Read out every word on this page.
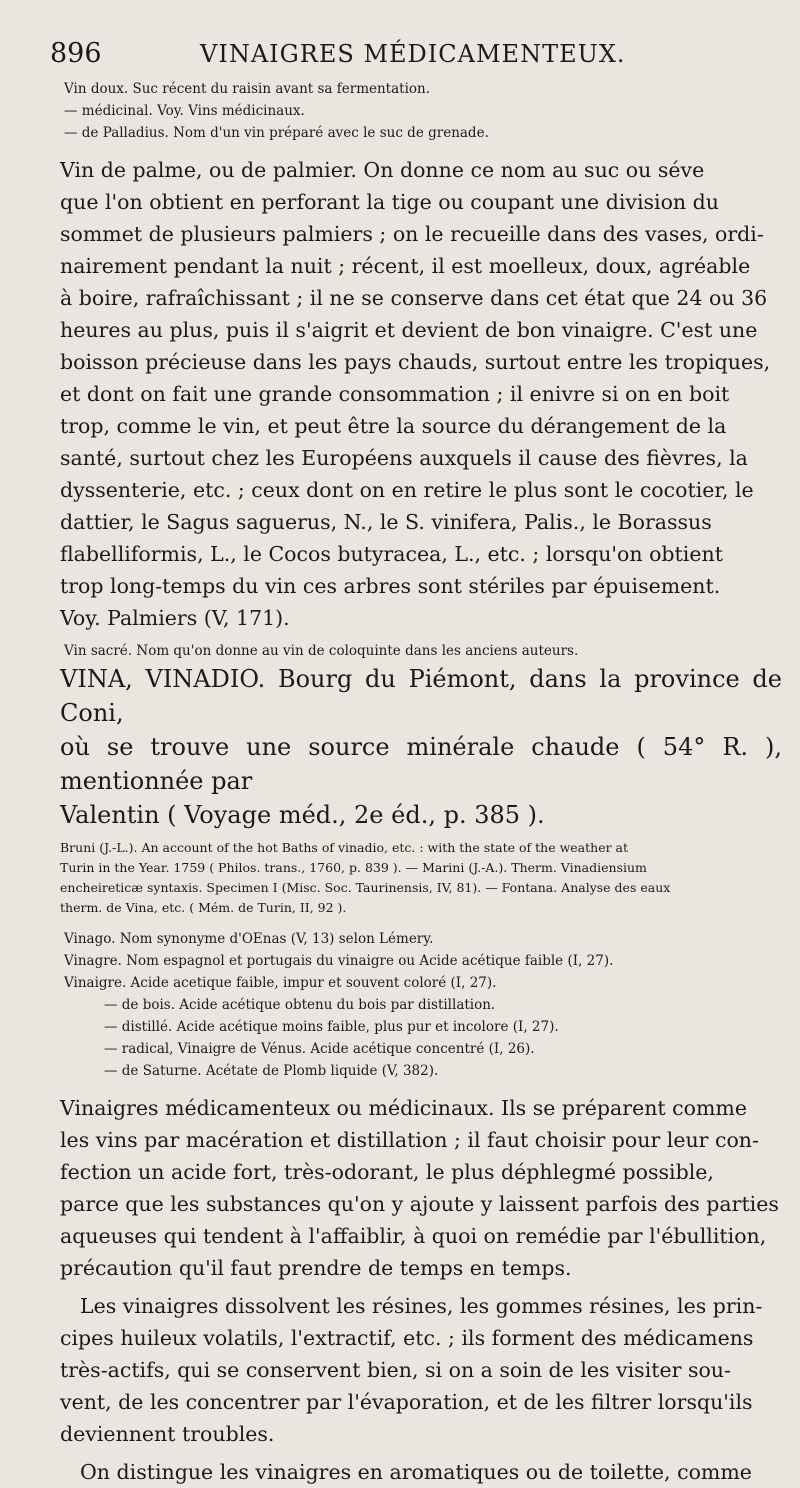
896	VINAIGRES MÉDICAMENTEUX.
Vin doux. Suc récent du raisin avant sa fermentation.
— médicinal. Voy. Vins médicinaux.
— de Palladius. Nom d'un vin préparé avec le suc de grenade.
Vin de palme, ou de palmier. On donne ce nom au suc ou séve
que l'on obtient en perforant la tige ou coupant une division du
sommet de plusieurs palmiers ; on le recueille dans des vases, ordi-
nairement pendant la nuit ; récent, il est moelleux, doux, agréable
à boire, rafraîchissant ; il ne se conserve dans cet état que 24 ou 36
heures au plus, puis il s'aigrit et devient de bon vinaigre. C'est une
boisson précieuse dans les pays chauds, surtout entre les tropiques,
et dont on fait une grande consommation ; il enivre si on en boit
trop, comme le vin, et peut être la source du dérangement de la
santé, surtout chez les Européens auxquels il cause des fièvres, la
dyssenterie, etc. ; ceux dont on en retire le plus sont le cocotier, le
dattier, le Sagus saguerus, N., le S. vinifera, Palis., le Borassus
flabelliformis, L., le Cocos butyracea, L., etc. ; lorsqu'on obtient
trop long-temps du vin ces arbres sont stériles par épuisement.
Voy. Palmiers (V, 171).
Vin sacré. Nom qu'on donne au vin de coloquinte dans les anciens auteurs.
VINA, VINADIO. Bourg du Piémont, dans la province de Coni,
où se trouve une source minérale chaude ( 54° R. ), mentionnée par
Valentin ( Voyage méd., 2e éd., p. 385 ).
Bruni (J.-L.). An account of the hot Baths of vinadio, etc. : with the state of the weather at
Turin in the Year. 1759 ( Philos. trans., 1760, p. 839 ). — Marini (J.-A.). Therm. Vinadiensium
encheireticæ syntaxis. Specimen I (Misc. Soc. Taurinensis, IV, 81). — Fontana. Analyse des eaux
therm. de Vina, etc. ( Mém. de Turin, II, 92 ).
Vinago. Nom synonyme d'OEnas (V, 13) selon Lémery.
Vinagre. Nom espagnol et portugais du vinaigre ou Acide acétique faible (I, 27).
Vinaigre. Acide acetique faible, impur et souvent coloré (I, 27).
— de bois. Acide acétique obtenu du bois par distillation.
— distillé. Acide acétique moins faible, plus pur et incolore (I, 27).
— radical, Vinaigre de Vénus. Acide acétique concentré (I, 26).
— de Saturne. Acétate de Plomb liquide (V, 382).
Vinaigres médicamenteux ou médicinaux. Ils se préparent comme
les vins par macération et distillation ; il faut choisir pour leur con-
fection un acide fort, très-odorant, le plus déphlegmé possible,
parce que les substances qu'on y ajoute y laissent parfois des parties
aqueuses qui tendent à l'affaiblir, à quoi on remédie par l'ébullition,
précaution qu'il faut prendre de temps en temps.
Les vinaigres dissolvent les résines, les gommes résines, les prin-
cipes huileux volatils, l'extractif, etc. ; ils forment des médicamens
très-actifs, qui se conservent bien, si on a soin de les visiter sou-
vent, de les concentrer par l'évaporation, et de les filtrer lorsqu'ils
deviennent troubles.
On distingue les vinaigres en aromatiques ou de toilette, comme
